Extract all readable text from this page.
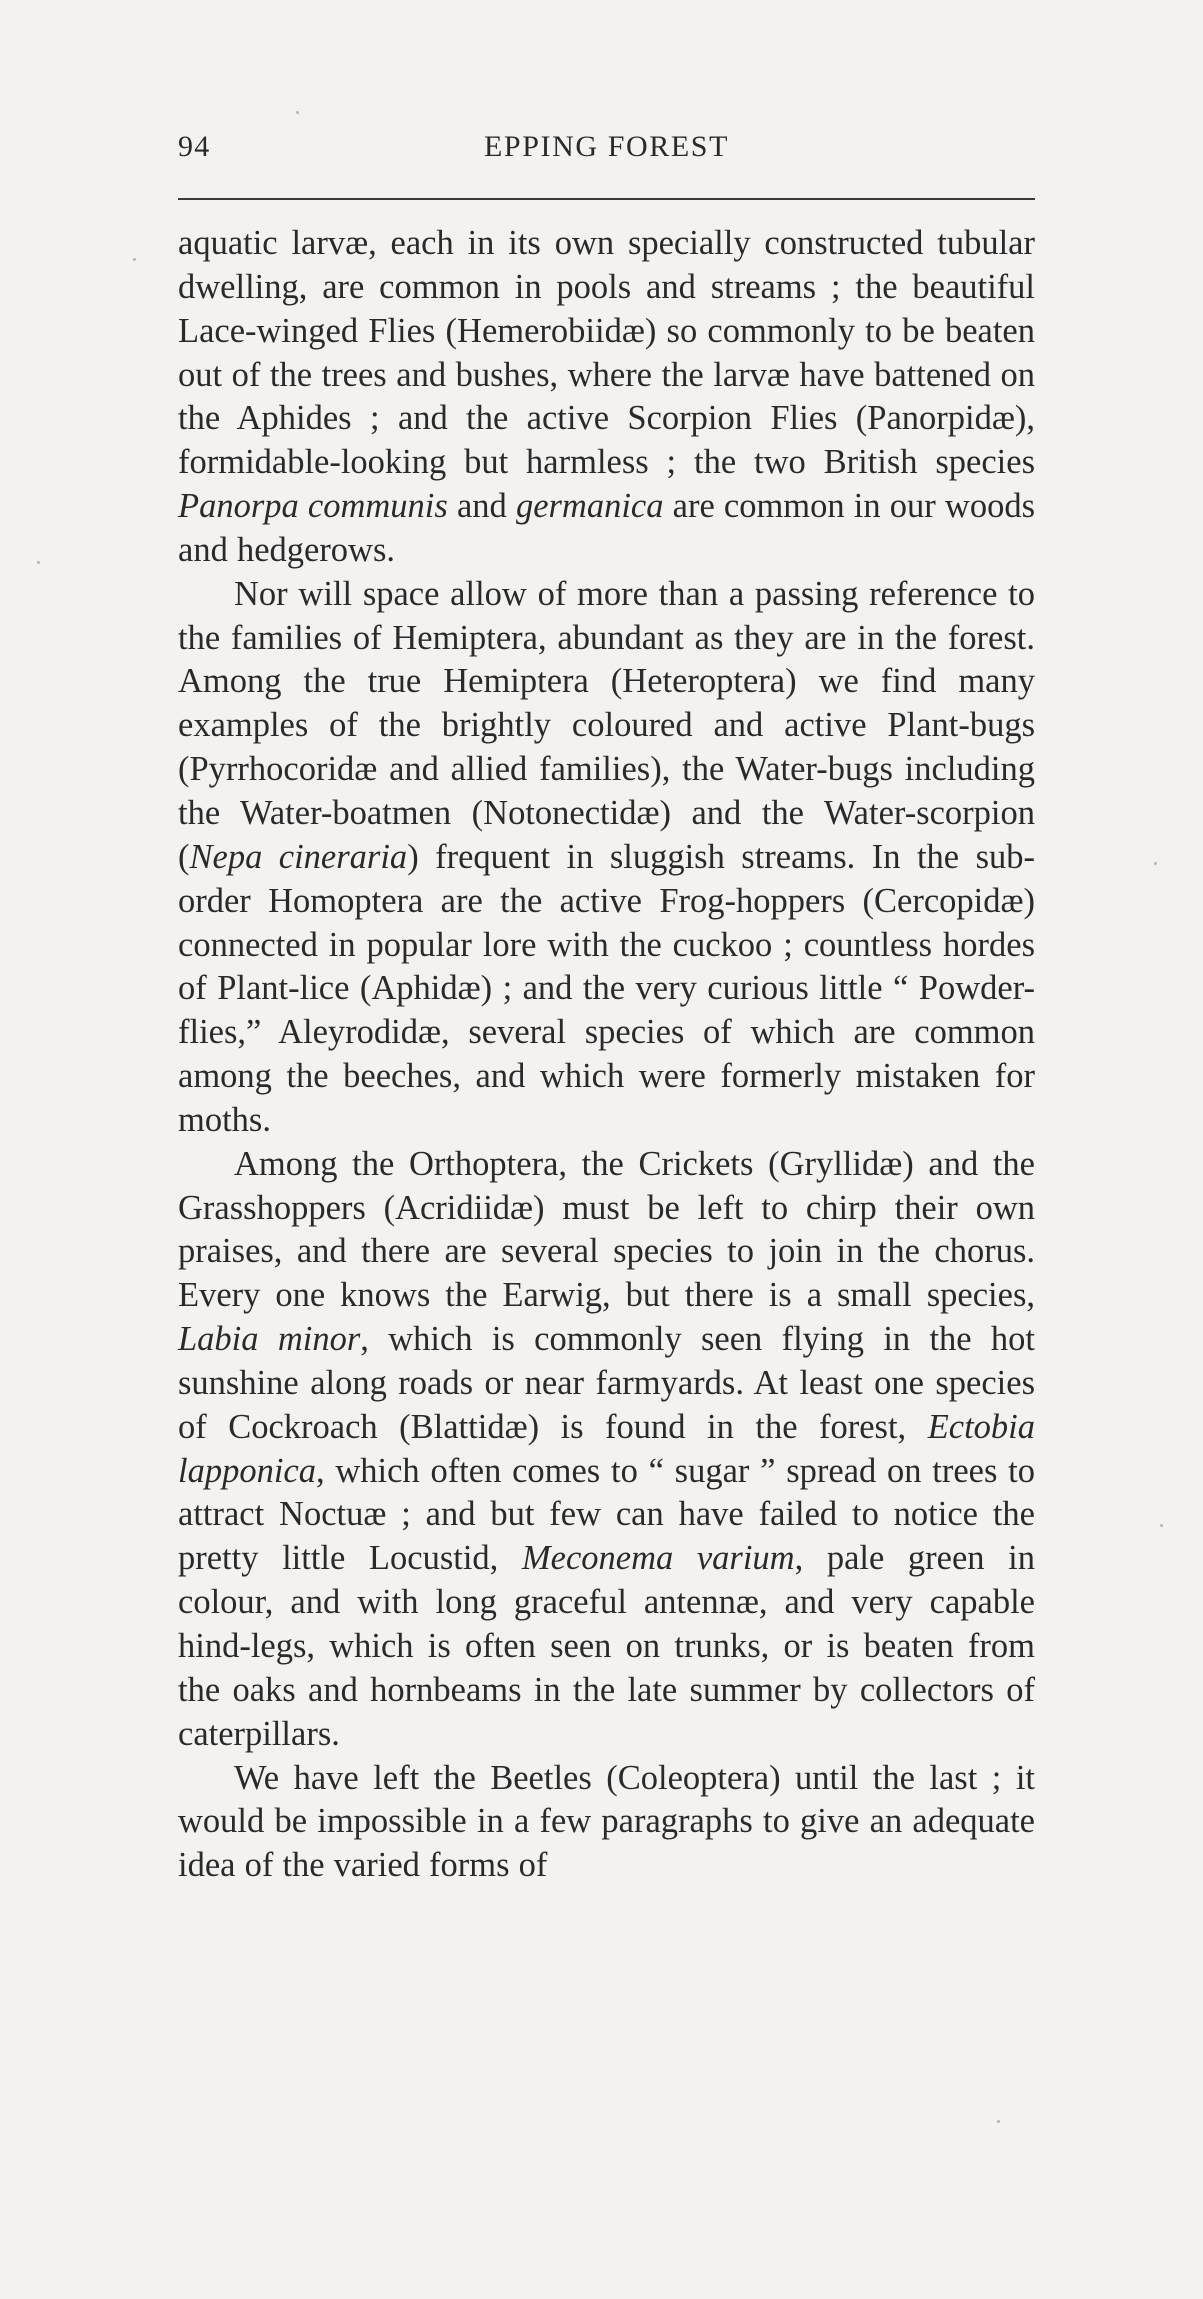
94	EPPING FOREST

aquatic larvæ, each in its own specially constructed tubular dwelling, are common in pools and streams ; the beautiful Lace-winged Flies (Hemerobiidæ) so commonly to be beaten out of the trees and bushes, where the larvæ have battened on the Aphides ; and the active Scorpion Flies (Panorpidæ), formidable-looking but harmless ; the two British species Panorpa communis and germanica are common in our woods and hedgerows.

Nor will space allow of more than a passing reference to the families of Hemiptera, abundant as they are in the forest. Among the true Hemiptera (Heteroptera) we find many examples of the brightly coloured and active Plant-bugs (Pyrrhocoridæ and allied families), the Water-bugs including the Water-boatmen (Notonectidæ) and the Water-scorpion (Nepa cineraria) frequent in sluggish streams. In the sub-order Homoptera are the active Frog-hoppers (Cercopidæ) connected in popular lore with the cuckoo ; countless hordes of Plant-lice (Aphidæ) ; and the very curious little “ Powder-flies,” Aleyrodidæ, several species of which are common among the beeches, and which were formerly mistaken for moths.

Among the Orthoptera, the Crickets (Gryllidæ) and the Grasshoppers (Acridiidæ) must be left to chirp their own praises, and there are several species to join in the chorus. Every one knows the Earwig, but there is a small species, Labia minor, which is commonly seen flying in the hot sunshine along roads or near farmyards. At least one species of Cockroach (Blattidæ) is found in the forest, Ectobia lapponica, which often comes to “ sugar ” spread on trees to attract Noctuæ ; and but few can have failed to notice the pretty little Locustid, Meconema varium, pale green in colour, and with long graceful antennæ, and very capable hind-legs, which is often seen on trunks, or is beaten from the oaks and hornbeams in the late summer by collectors of caterpillars.

We have left the Beetles (Coleoptera) until the last ; it would be impossible in a few paragraphs to give an adequate idea of the varied forms of
